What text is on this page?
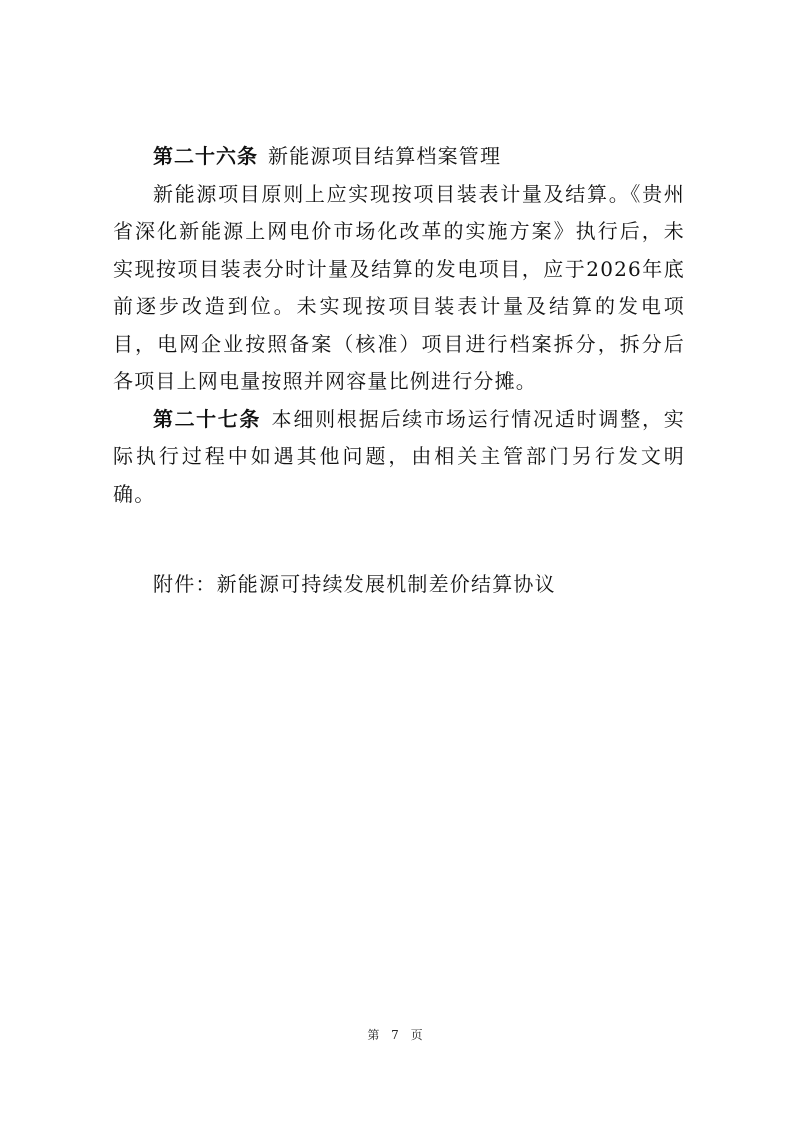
第二十六条 新能源项目结算档案管理

新能源项目原则上应实现按项目装表计量及结算。《贵州省深化新能源上网电价市场化改革的实施方案》执行后，未实现按项目装表分时计量及结算的发电项目，应于2026年底前逐步改造到位。未实现按项目装表计量及结算的发电项目，电网企业按照备案（核准）项目进行档案拆分，拆分后各项目上网电量按照并网容量比例进行分摊。

第二十七条 本细则根据后续市场运行情况适时调整，实际执行过程中如遇其他问题，由相关主管部门另行发文明确。

附件：新能源可持续发展机制差价结算协议
第 7 页
